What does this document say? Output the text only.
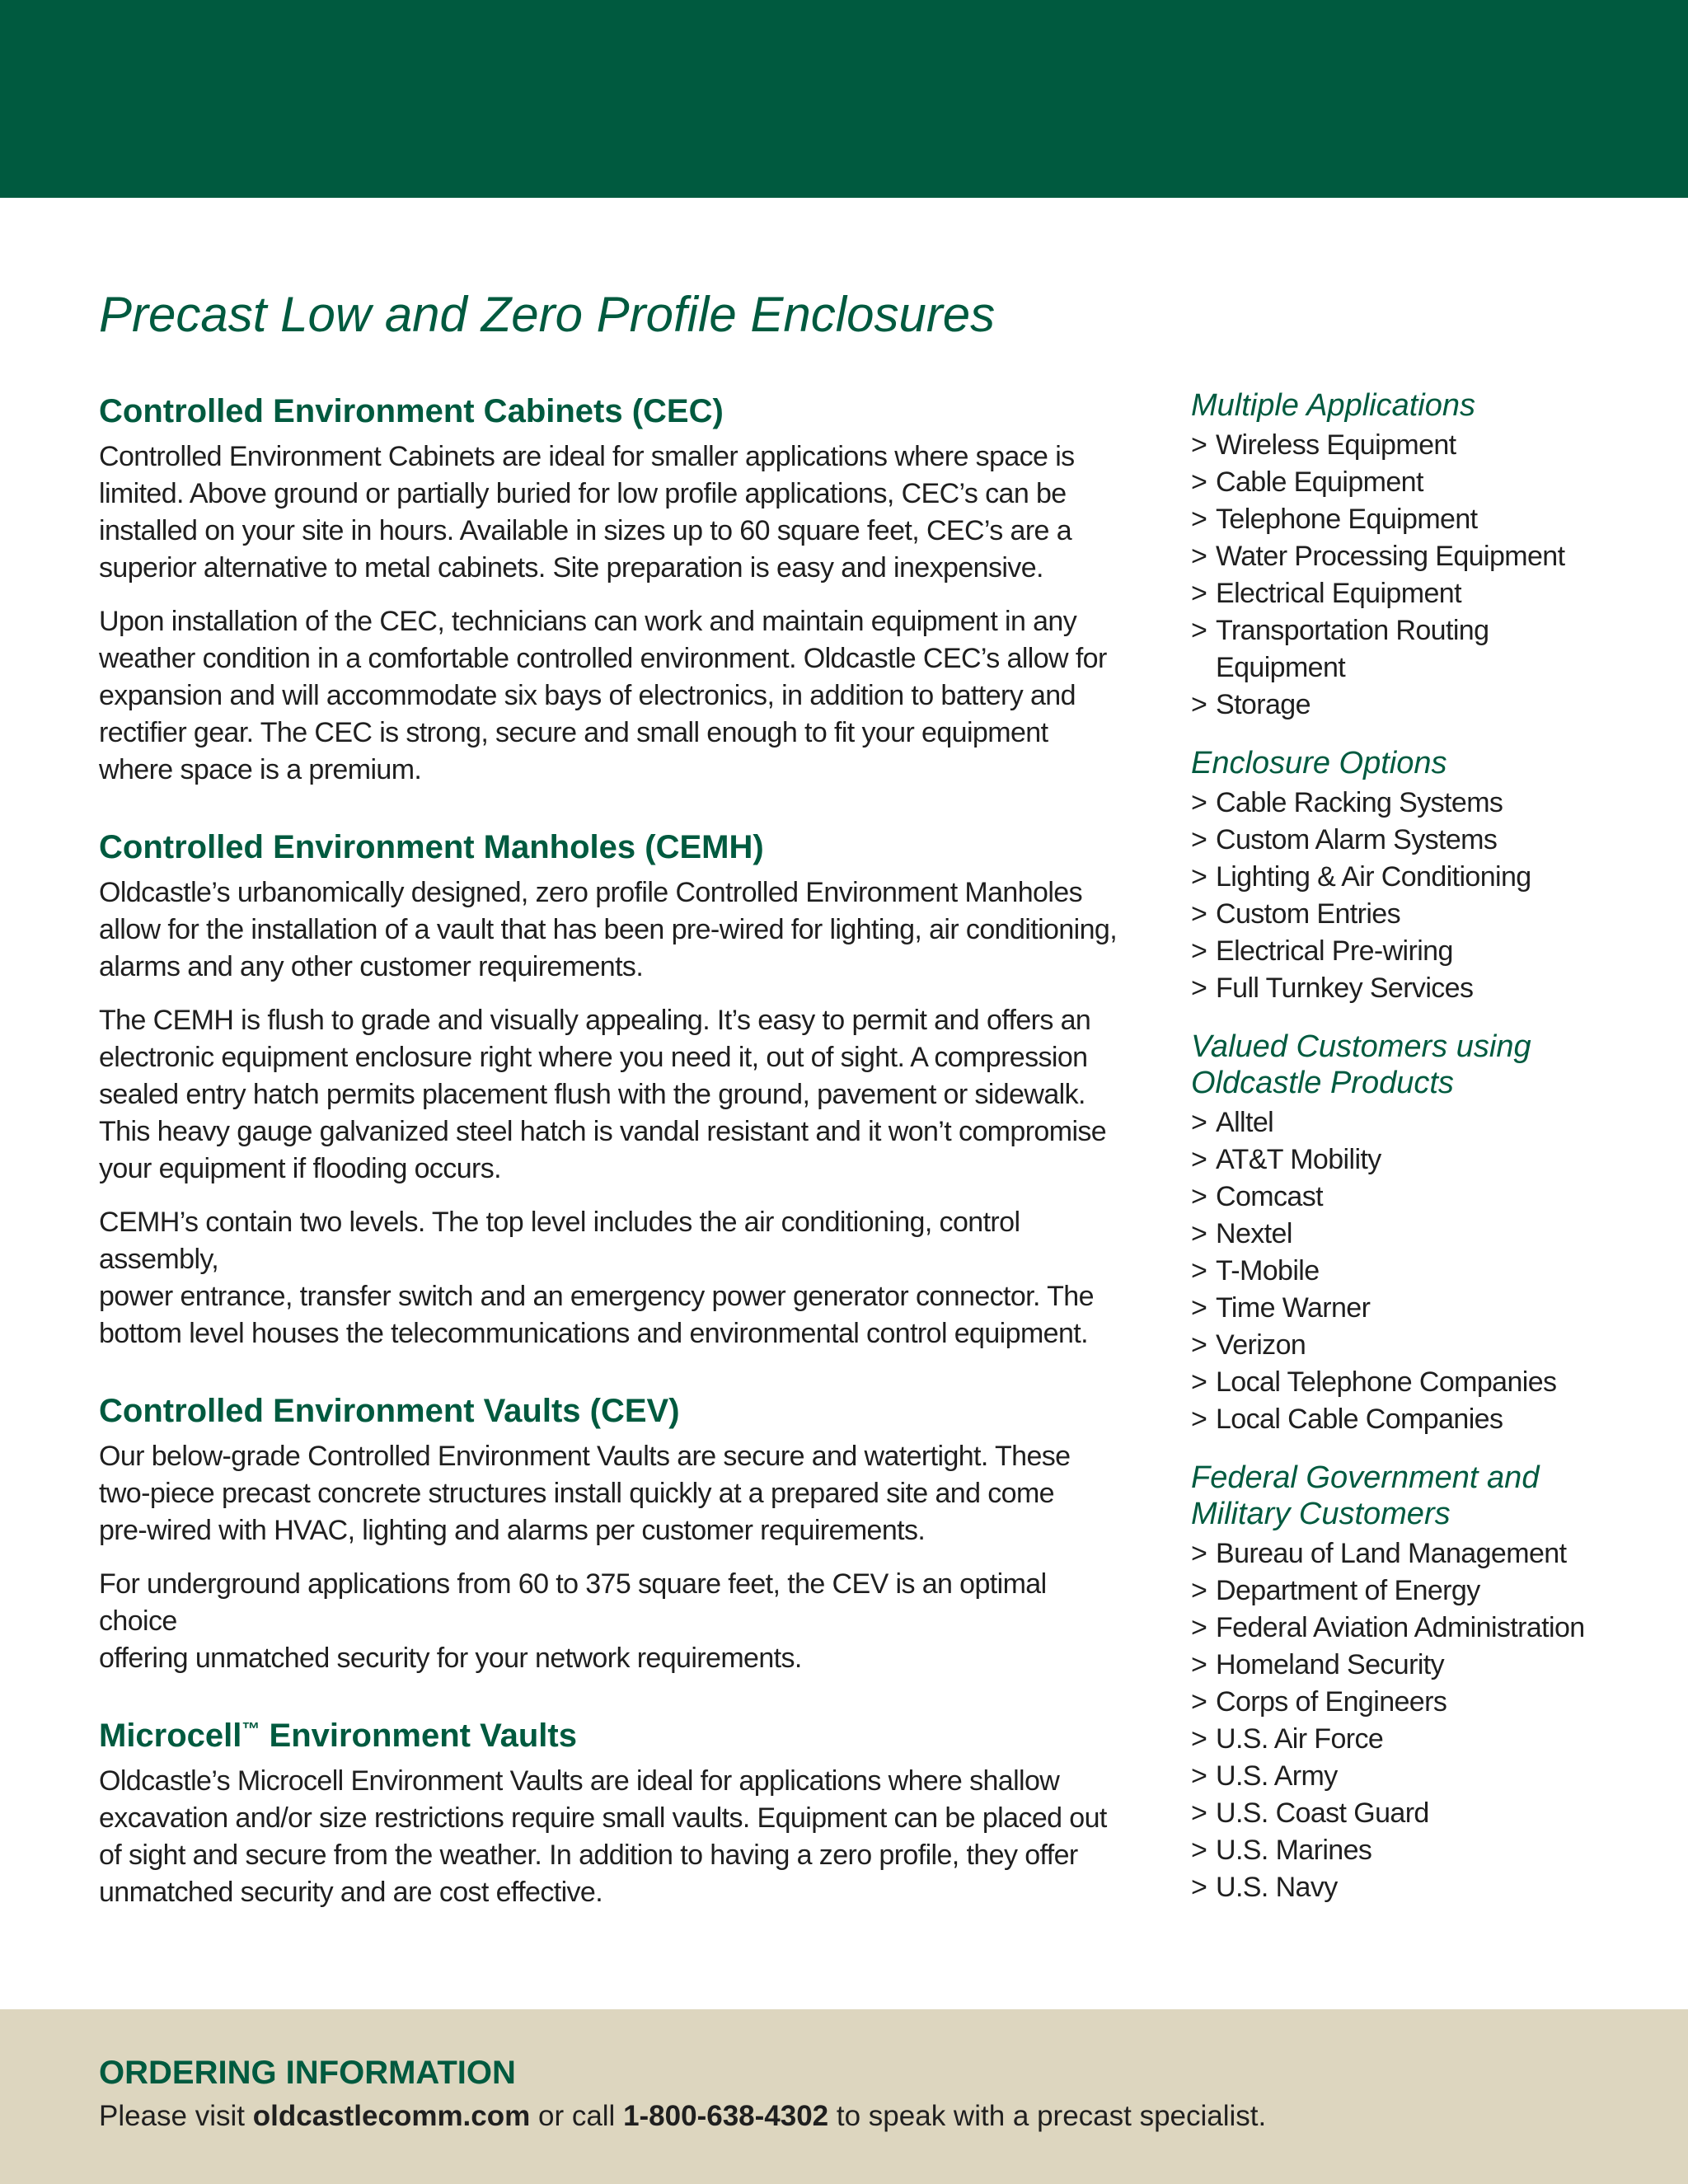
Precast Low and Zero Profile Enclosures
Controlled Environment Cabinets (CEC)

Controlled Environment Cabinets are ideal for smaller applications where space is
limited. Above ground or partially buried for low profile applications, CEC’s can be
installed on your site in hours. Available in sizes up to 60 square feet, CEC’s are a
superior alternative to metal cabinets. Site preparation is easy and inexpensive.

Upon installation of the CEC, technicians can work and maintain equipment in any
weather condition in a comfortable controlled environment. Oldcastle CEC’s allow for
expansion and will accommodate six bays of electronics, in addition to battery and
rectifier gear. The CEC is strong, secure and small enough to fit your equipment
where space is a premium.

Controlled Environment Manholes (CEMH)

Oldcastle’s urbanomically designed, zero profile Controlled Environment Manholes
allow for the installation of a vault that has been pre-wired for lighting, air conditioning,
alarms and any other customer requirements.

The CEMH is flush to grade and visually appealing. It’s easy to permit and offers an
electronic equipment enclosure right where you need it, out of sight. A compression
sealed entry hatch permits placement flush with the ground, pavement or sidewalk.
This heavy gauge galvanized steel hatch is vandal resistant and it won’t compromise
your equipment if flooding occurs.

CEMH’s contain two levels. The top level includes the air conditioning, control assembly,
power entrance, transfer switch and an emergency power generator connector. The
bottom level houses the telecommunications and environmental control equipment.

Controlled Environment Vaults (CEV)

Our below-grade Controlled Environment Vaults are secure and watertight. These
two-piece precast concrete structures install quickly at a prepared site and come
pre-wired with HVAC, lighting and alarms per customer requirements.

For underground applications from 60 to 375 square feet, the CEV is an optimal choice
offering unmatched security for your network requirements.

Microcell™ Environment Vaults

Oldcastle’s Microcell Environment Vaults are ideal for applications where shallow
excavation and/or size restrictions require small vaults. Equipment can be placed out
of sight and secure from the weather. In addition to having a zero profile, they offer
unmatched security and are cost effective.

Multiple Applications
> Wireless Equipment
> Cable Equipment
> Telephone Equipment
> Water Processing Equipment
> Electrical Equipment
> Transportation Routing Equipment
> Storage
Enclosure Options
> Cable Racking Systems
> Custom Alarm Systems
> Lighting & Air Conditioning
> Custom Entries
> Electrical Pre-wiring
> Full Turnkey Services
Valued Customers using
Oldcastle Products
> Alltel
> AT&T Mobility
> Comcast
> Nextel
> T-Mobile
> Time Warner
> Verizon
> Local Telephone Companies
> Local Cable Companies
Federal Government and
Military Customers
> Bureau of Land Management
> Department of Energy
> Federal Aviation Administration
> Homeland Security
> Corps of Engineers
> U.S. Air Force
> U.S. Army
> U.S. Coast Guard
> U.S. Marines
> U.S. Navy
ORDERING INFORMATION

Please visit oldcastlecomm.com or call 1-800-638-4302 to speak with a precast specialist.
